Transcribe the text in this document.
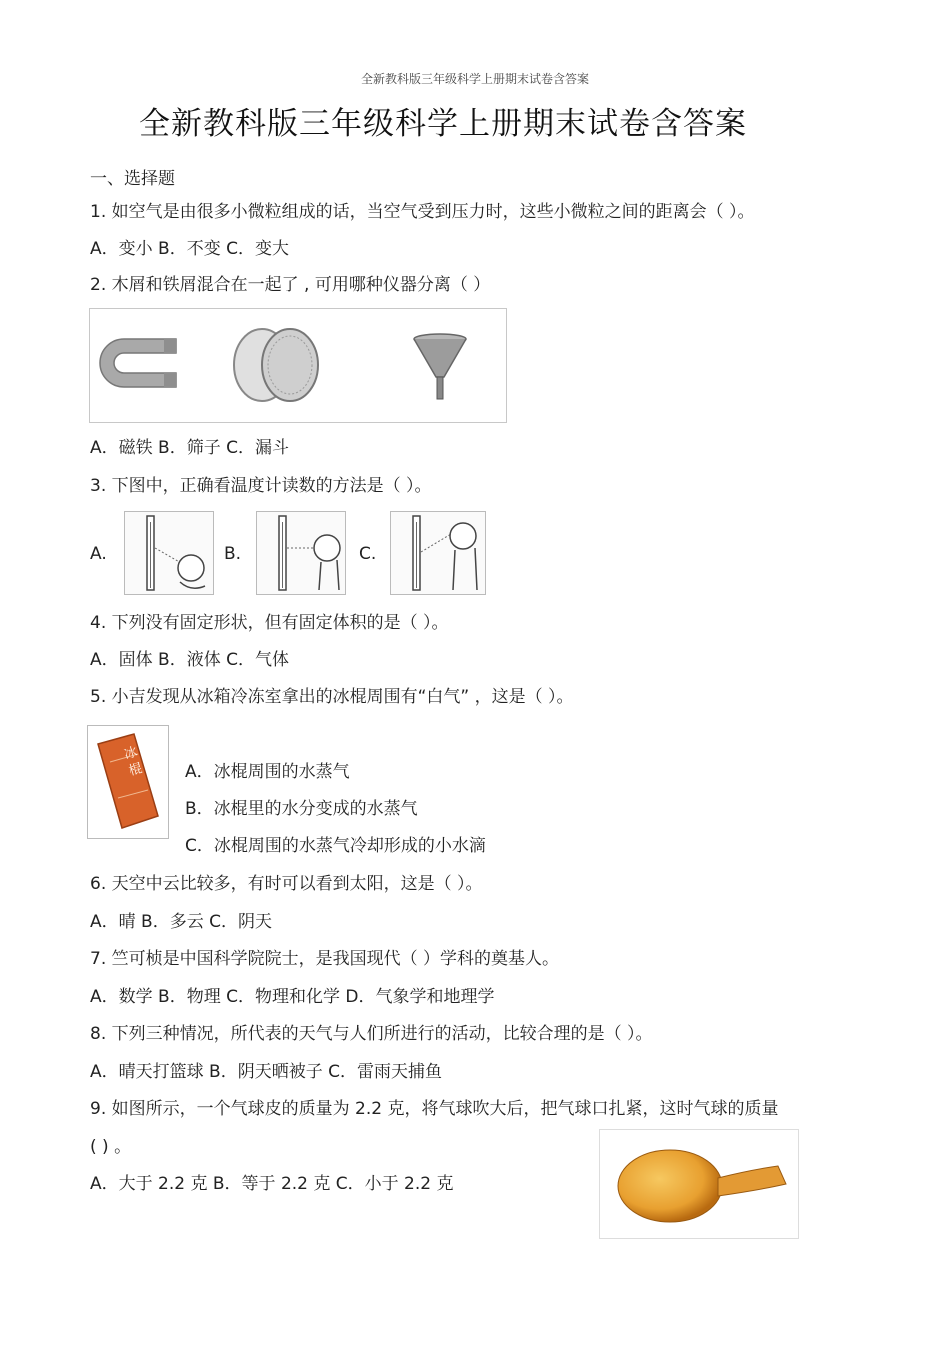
全新教科版三年级科学上册期末试卷含答案
全新教科版三年级科学上册期末试卷含答案
一、选择题
1. 如空气是由很多小微粒组成的话，当空气受到压力时，这些小微粒之间的距离会（ ）。
A．变小 B．不变 C．变大
2. 木屑和铁屑混合在一起了 , 可用哪种仪器分离（ ）
A．磁铁 B．筛子 C．漏斗
3. 下图中，正确看温度计读数的方法是（ ）。
A.	B.	C.
4. 下列没有固定形状，但有固定体积的是（ ）。
A．固体 B．液体 C．气体
5. 小吉发现从冰箱冷冻室拿出的冰棍周围有“白气” ，这是（ ）。
冰棍 A．冰棍周围的水蒸气
B．冰棍里的水分变成的水蒸气
C．冰棍周围的水蒸气冷却形成的小水滴
6. 天空中云比较多，有时可以看到太阳，这是（ ）。
A．晴 B．多云 C．阴天
7. 竺可桢是中国科学院院士，是我国现代（ ）学科的奠基人。
A．数学 B．物理 C．物理和化学 D．气象学和地理学
8. 下列三种情况，所代表的天气与人们所进行的活动，比较合理的是（ ）。
A．晴天打篮球 B．阴天晒被子 C．雷雨天捕鱼
9. 如图所示，一个气球皮的质量为 2.2 克，将气球吹大后，把气球口扎紧，这时气球的质量
( ) 。
A．大于 2.2 克 B．等于 2.2 克 C．小于 2.2 克
